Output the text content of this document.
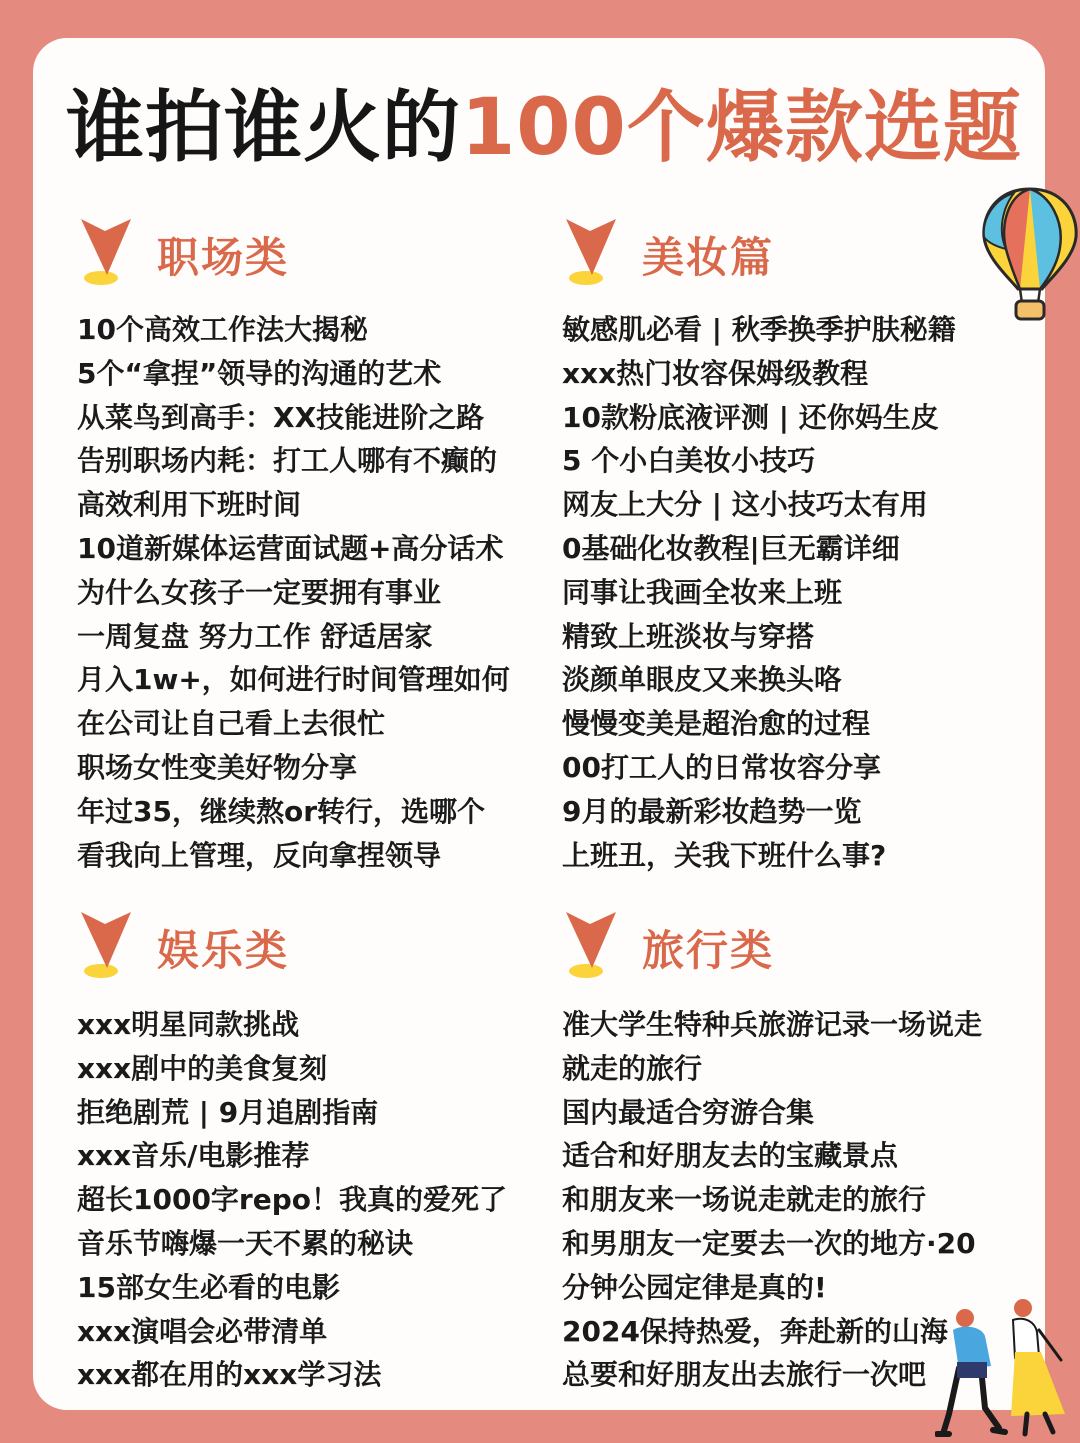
谁拍谁火的100个爆款选题
职场类
10个高效工作法大揭秘
5个“拿捏”领导的沟通的艺术
从菜鸟到高手：XX技能进阶之路
告别职场内耗：打工人哪有不癫的
高效利用下班时间
10道新媒体运营面试题+高分话术
为什么女孩子一定要拥有事业
一周复盘 努力工作 舒适居家
月入1w+，如何进行时间管理如何
在公司让自己看上去很忙
职场女性变美好物分享
年过35，继续熬or转行，选哪个
看我向上管理，反向拿捏领导
美妆篇
敏感肌必看 | 秋季换季护肤秘籍
xxx热门妆容保姆级教程
10款粉底液评测 | 还你妈生皮
5 个小白美妆小技巧
网友上大分 | 这小技巧太有用
0基础化妆教程|巨无霸详细
同事让我画全妆来上班
精致上班淡妆与穿搭
淡颜单眼皮又来换头咯
慢慢变美是超治愈的过程
00打工人的日常妆容分享
9月的最新彩妆趋势一览
上班丑，关我下班什么事?
娱乐类
xxx明星同款挑战
xxx剧中的美食复刻
拒绝剧荒 | 9月追剧指南
xxx音乐/电影推荐
超长1000字repo！我真的爱死了
音乐节嗨爆一天不累的秘诀
15部女生必看的电影
xxx演唱会必带清单
xxx都在用的xxx学习法
旅行类
准大学生特种兵旅游记录一场说走
就走的旅行
国内最适合穷游合集
适合和好朋友去的宝藏景点
和朋友来一场说走就走的旅行
和男朋友一定要去一次的地方·20
分钟公园定律是真的!
2024保持热爱，奔赴新的山海
总要和好朋友出去旅行一次吧
